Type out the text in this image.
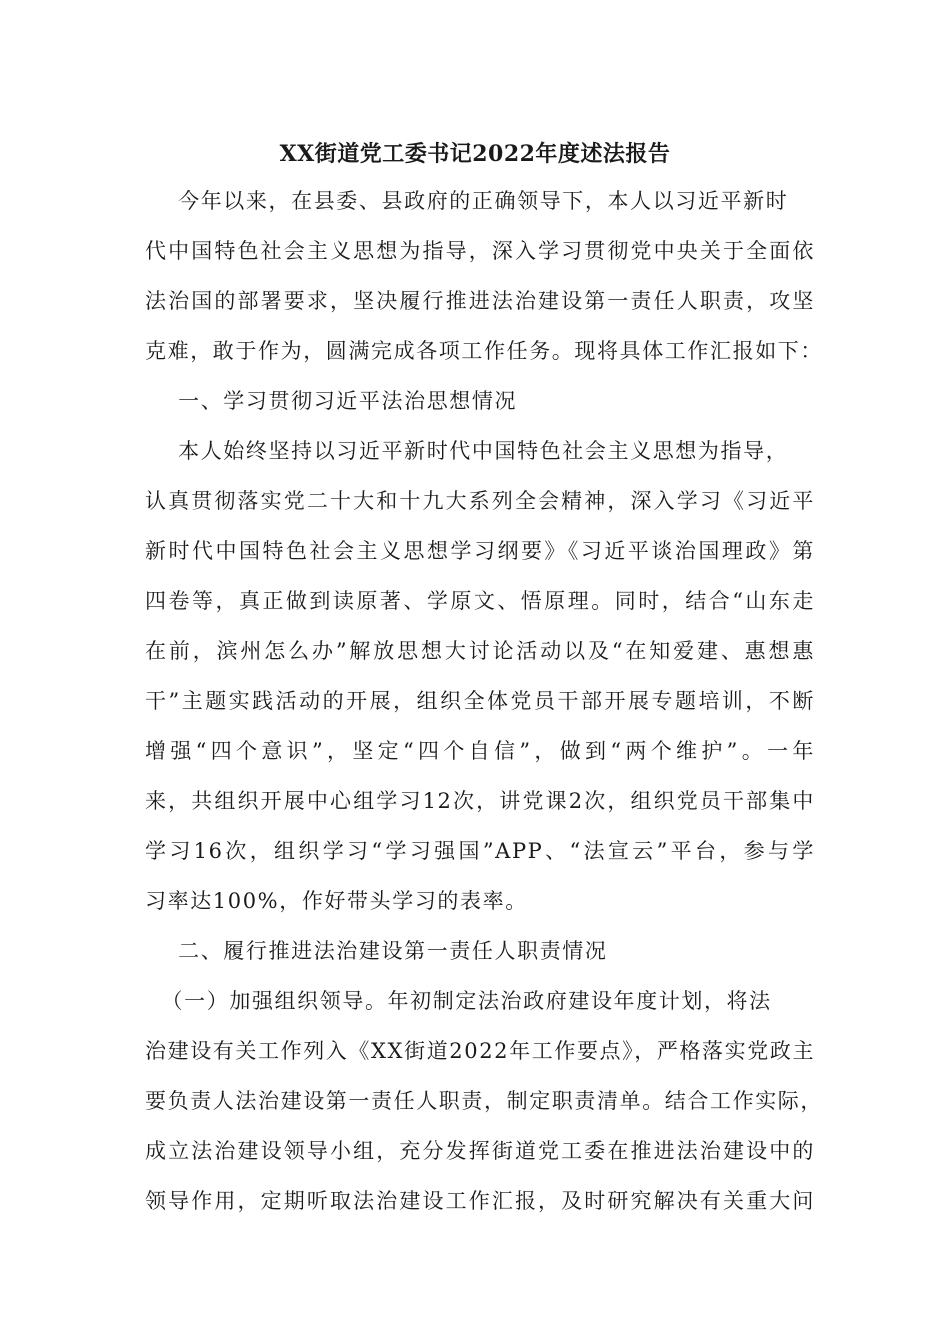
XX街道党工委书记2022年度述法报告
今年以来，在县委、县政府的正确领导下，本人以习近平新时
代中国特色社会主义思想为指导，深入学习贯彻党中央关于全面依
法治国的部署要求，坚决履行推进法治建设第一责任人职责，攻坚
克难，敢于作为，圆满完成各项工作任务。现将具体工作汇报如下：
一、学习贯彻习近平法治思想情况
本人始终坚持以习近平新时代中国特色社会主义思想为指导，
认真贯彻落实党二十大和十九大系列全会精神，深入学习《习近平
新时代中国特色社会主义思想学习纲要》《习近平谈治国理政》第
四卷等，真正做到读原著、学原文、悟原理。同时，结合“山东走
在前，滨州怎么办”解放思想大讨论活动以及“在知爱建、惠想惠
干”主题实践活动的开展，组织全体党员干部开展专题培训，不断
增强“四个意识”，坚定“四个自信”，做到“两个维护”。一年
来，共组织开展中心组学习12次，讲党课2次，组织党员干部集中
学习16次，组织学习“学习强国”APP、“法宣云”平台，参与学
习率达100%，作好带头学习的表率。
二、履行推进法治建设第一责任人职责情况
（一）加强组织领导。年初制定法治政府建设年度计划，将法
治建设有关工作列入《XX街道2022年工作要点》，严格落实党政主
要负责人法治建设第一责任人职责，制定职责清单。结合工作实际，
成立法治建设领导小组，充分发挥街道党工委在推进法治建设中的
领导作用，定期听取法治建设工作汇报，及时研究解决有关重大问
